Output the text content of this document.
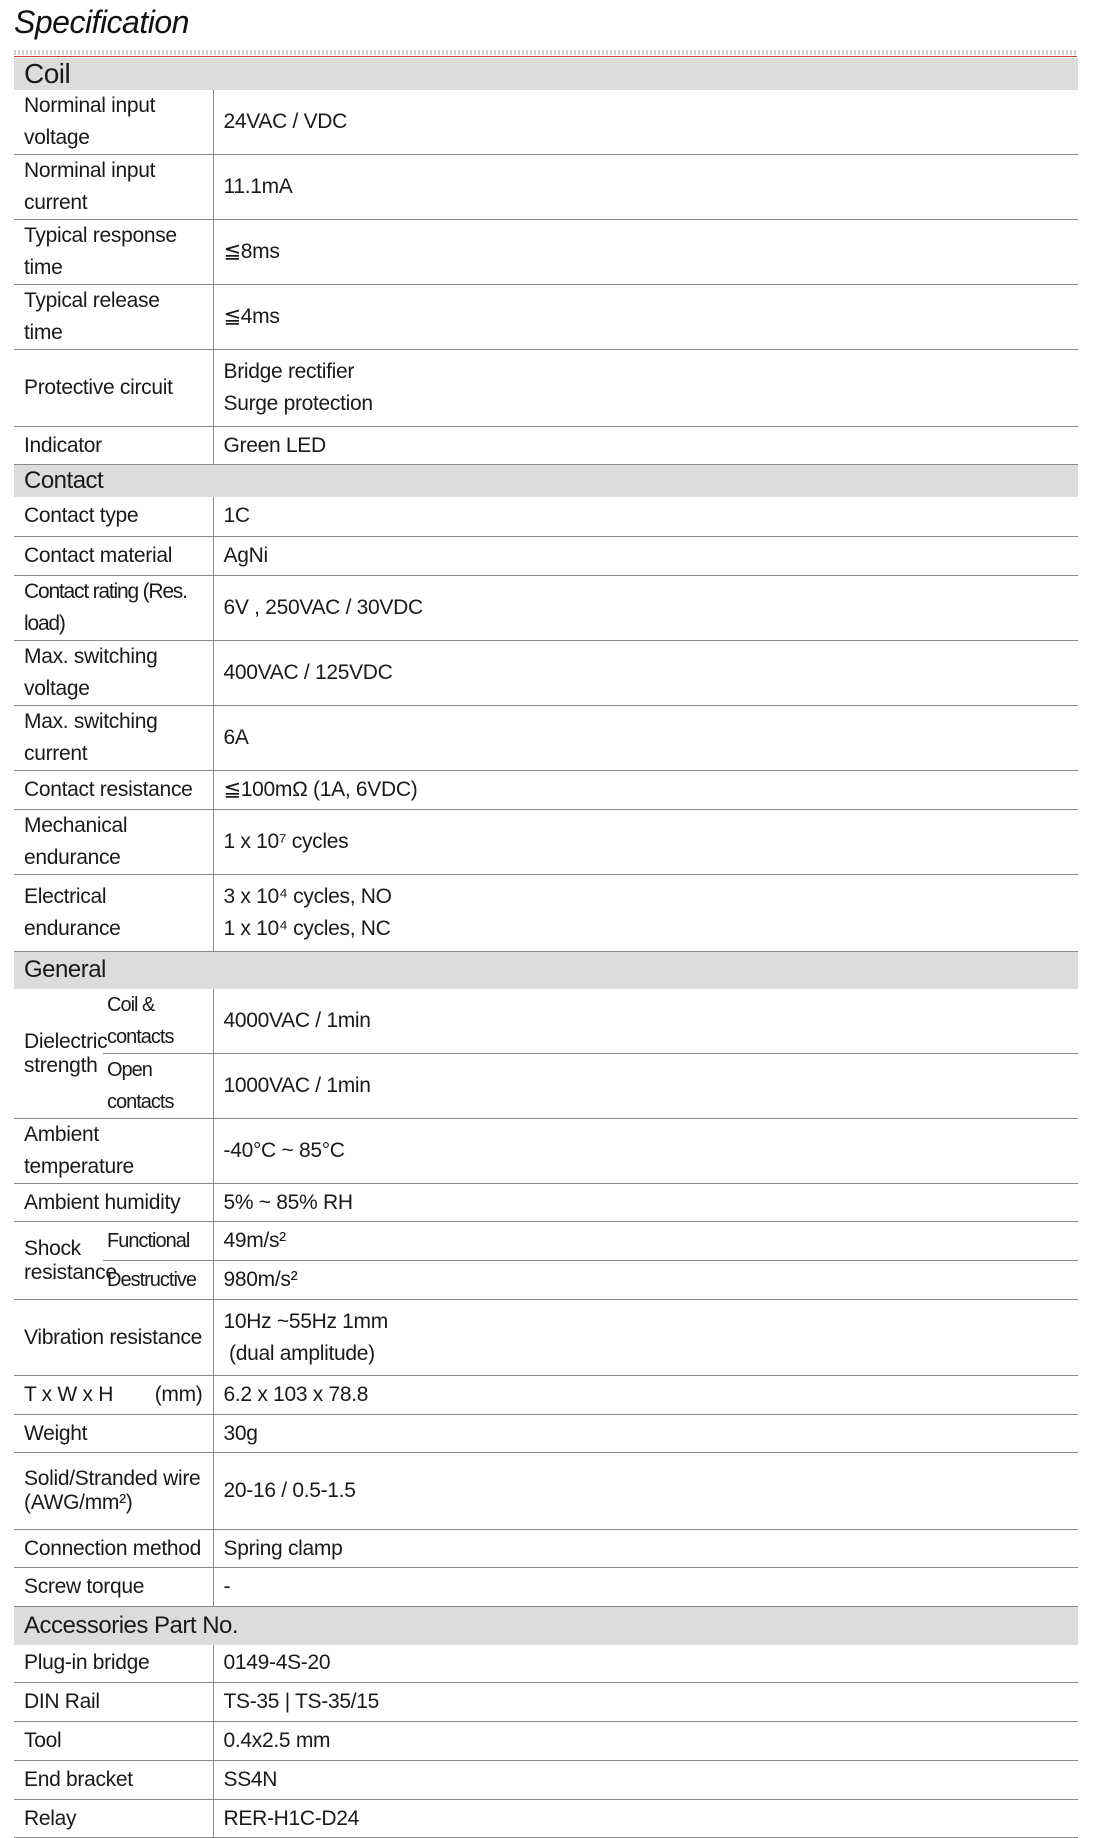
Specification
Coil		
Norminal input voltage		24VAC / VDC
Norminal input current		11.1mA
Typical response time		≦8ms
Typical release time		≦4ms
Protective circuit		Bridge rectifier
Surge protection

Indicator		Green LED
Contact		
Contact type		1C
Contact material		AgNi
Contact rating (Res. load)		6V , 250VAC / 30VDC
Max. switching voltage		400VAC / 125VDC
Max. switching current		6A
Contact resistance		≦100mΩ (1A, 6VDC)
Mechanical endurance		1 x 10⁷ cycles
Electrical endurance		3 x 10⁴ cycles, NO
1 x 10⁴ cycles, NC

General		
Dielectric strength	Coil & contacts	4000VAC / 1min
	Open contacts	1000VAC / 1min
Ambient temperature		-40°C ~ 85°C
Ambient humidity		5% ~ 85% RH
Shock resistance	Functional	49m/s²
	Destructive	980m/s²
Vibration resistance		10Hz ~55Hz 1mm
(dual amplitude)

T x W x H (mm)		6.2 x 103 x 78.8
Weight		30g

Solid/Stranded wire
(AWG/mm²)		20-16 / 0.5-1.5
Connection method		Spring clamp
Screw torque		-
Accessories Part No.		
Plug-in bridge		0149-4S-20
DIN Rail		TS-35 | TS-35/15
Tool		0.4x2.5 mm
End bracket		SS4N
Relay		RER-H1C-D24
